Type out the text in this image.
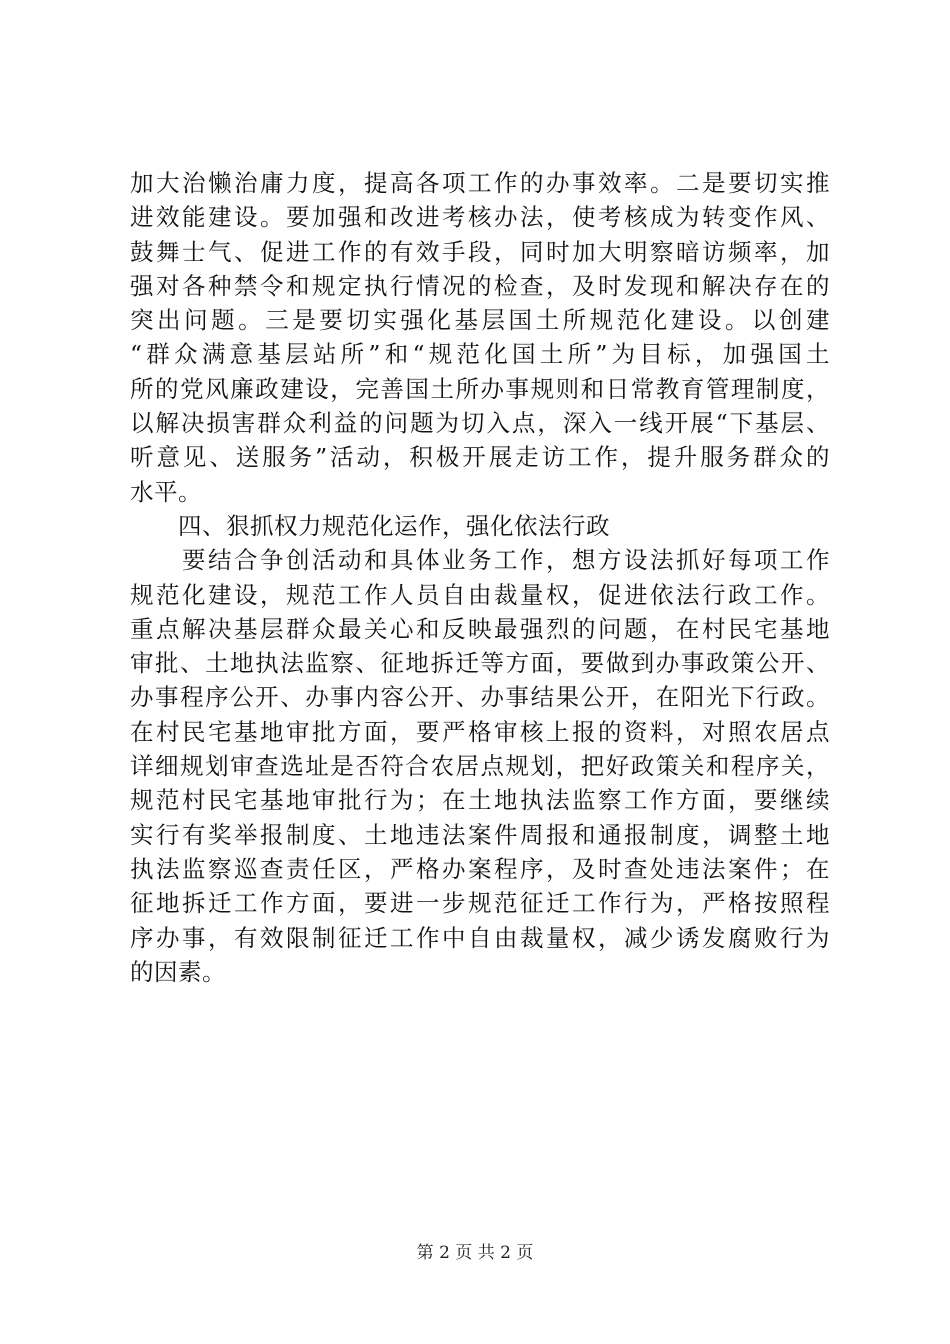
加大治懒治庸力度，提高各项工作的办事效率。二是要切实推
进效能建设。要加强和改进考核办法，使考核成为转变作风、
鼓舞士气、促进工作的有效手段，同时加大明察暗访频率，加
强对各种禁令和规定执行情况的检查，及时发现和解决存在的
突出问题。三是要切实强化基层国土所规范化建设。以创建
“群众满意基层站所”和“规范化国土所”为目标，加强国土
所的党风廉政建设，完善国土所办事规则和日常教育管理制度，
以解决损害群众利益的问题为切入点，深入一线开展“下基层、
听意见、送服务”活动，积极开展走访工作，提升服务群众的
水平。
　　四、狠抓权力规范化运作，强化依法行政
　　要结合争创活动和具体业务工作，想方设法抓好每项工作
规范化建设，规范工作人员自由裁量权，促进依法行政工作。
重点解决基层群众最关心和反映最强烈的问题，在村民宅基地
审批、土地执法监察、征地拆迁等方面，要做到办事政策公开、
办事程序公开、办事内容公开、办事结果公开，在阳光下行政。
在村民宅基地审批方面，要严格审核上报的资料，对照农居点
详细规划审查选址是否符合农居点规划，把好政策关和程序关，
规范村民宅基地审批行为；在土地执法监察工作方面，要继续
实行有奖举报制度、土地违法案件周报和通报制度，调整土地
执法监察巡查责任区，严格办案程序，及时查处违法案件；在
征地拆迁工作方面，要进一步规范征迁工作行为，严格按照程
序办事，有效限制征迁工作中自由裁量权，减少诱发腐败行为
的因素。
第 2 页 共 2 页
